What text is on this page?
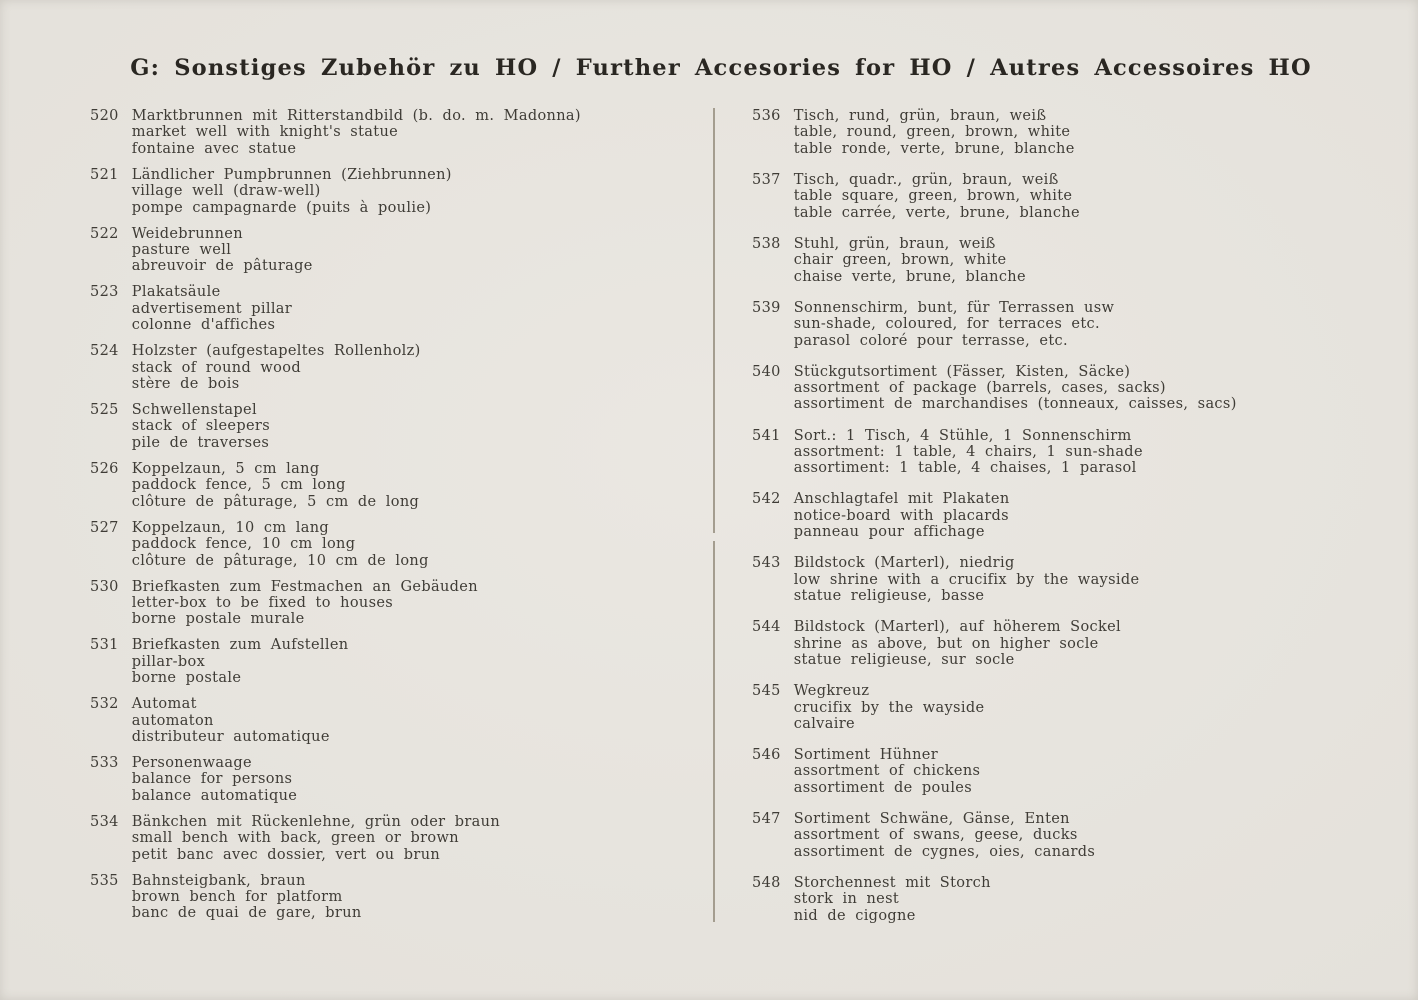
G: Sonstiges Zubehör zu HO / Further Accesories for HO / Autres Accessoires HO
520 Marktbrunnen mit Ritterstandbild (b. do. m. Madonna)
market well with knight's statue
fontaine avec statue
521 Ländlicher Pumpbrunnen (Ziehbrunnen)
village well (draw-well)
pompe campagnarde (puits à poulie)
522 Weidebrunnen
pasture well
abreuvoir de pâturage
523 Plakatsäule
advertisement pillar
colonne d'affiches
524 Holzster (aufgestapeltes Rollenholz)
stack of round wood
stère de bois
525 Schwellenstapel
stack of sleepers
pile de traverses
526 Koppelzaun, 5 cm lang
paddock fence, 5 cm long
clôture de pâturage, 5 cm de long
527 Koppelzaun, 10 cm lang
paddock fence, 10 cm long
clôture de pâturage, 10 cm de long
530 Briefkasten zum Festmachen an Gebäuden
letter-box to be fixed to houses
borne postale murale
531 Briefkasten zum Aufstellen
pillar-box
borne postale
532 Automat
automaton
distributeur automatique
533 Personenwaage
balance for persons
balance automatique
534 Bänkchen mit Rückenlehne, grün oder braun
small bench with back, green or brown
petit banc avec dossier, vert ou brun
535 Bahnsteigbank, braun
brown bench for platform
banc de quai de gare, brun
536 Tisch, rund, grün, braun, weiß
table, round, green, brown, white
table ronde, verte, brune, blanche
537 Tisch, quadr., grün, braun, weiß
table square, green, brown, white
table carrée, verte, brune, blanche
538 Stuhl, grün, braun, weiß
chair green, brown, white
chaise verte, brune, blanche
539 Sonnenschirm, bunt, für Terrassen usw
sun-shade, coloured, for terraces etc.
parasol coloré pour terrasse, etc.
540 Stückgutsortiment (Fässer, Kisten, Säcke)
assortment of package (barrels, cases, sacks)
assortiment de marchandises (tonneaux, caisses, sacs)
541 Sort.: 1 Tisch, 4 Stühle, 1 Sonnenschirm
assortment: 1 table, 4 chairs, 1 sun-shade
assortiment: 1 table, 4 chaises, 1 parasol
542 Anschlagtafel mit Plakaten
notice-board with placards
panneau pour affichage
543 Bildstock (Marterl), niedrig
low shrine with a crucifix by the wayside
statue religieuse, basse
544 Bildstock (Marterl), auf höherem Sockel
shrine as above, but on higher socle
statue religieuse, sur socle
545 Wegkreuz
crucifix by the wayside
calvaire
546 Sortiment Hühner
assortment of chickens
assortiment de poules
547 Sortiment Schwäne, Gänse, Enten
assortment of swans, geese, ducks
assortiment de cygnes, oies, canards
548 Storchennest mit Storch
stork in nest
nid de cigogne
